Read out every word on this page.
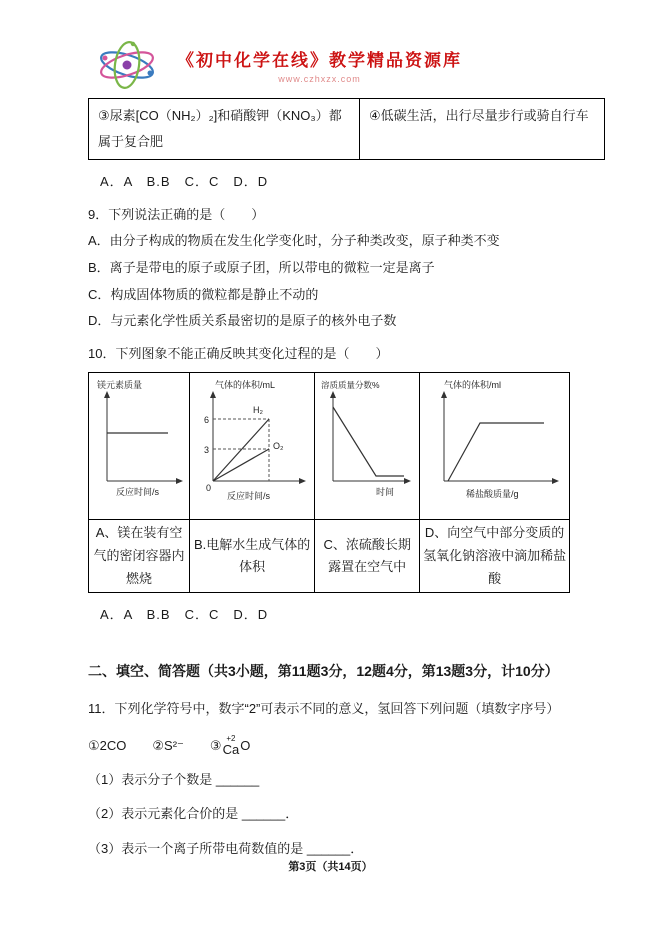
《初中化学在线》教学精品资源库
www.czhxzx.com
③尿素[CO（NH₂）₂]和硝酸钾（KNO₃）都属于复合肥	④低碳生活，出行尽量步行或骑自行车
A．A　B.B　C．C　D．D
9．下列说法正确的是（　　）
A．由分子构成的物质在发生化学变化时，分子种类改变，原子种类不变
B．离子是带电的原子或原子团，所以带电的微粒一定是离子
C．构成固体物质的微粒都是静止不动的
D．与元素化学性质关系最密切的是原子的核外电子数
10．下列图象不能正确反映其变化过程的是（　　）
镁元素质量
反应时间/s

气体的体积/mL
6
3
H₂
O₂
0
反应时间/s

溶质质量分数%
时间

气体的体积/ml
稀盐酸质量/g

A、镁在装有空气的密闭容器内燃烧	B.电解水生成气体的体积	C、浓硫酸长期露置在空气中	D、向空气中部分变质的氢氧化钠溶液中滴加稀盐酸
A．A　B.B　C．C　D．D
二、填空、简答题（共3小题，第11题3分，12题4分，第13题3分，计10分）
11．下列化学符号中，数字“2”可表示不同的意义，氢回答下列问题（填数字序号）
①2CO ②S²⁻ ③ +2
Ca O
（1）表示分子个数是 ______
（2）表示元素化合价的是 ______．
（3）表示一个离子所带电荷数值的是 ______．
第3页（共14页）
